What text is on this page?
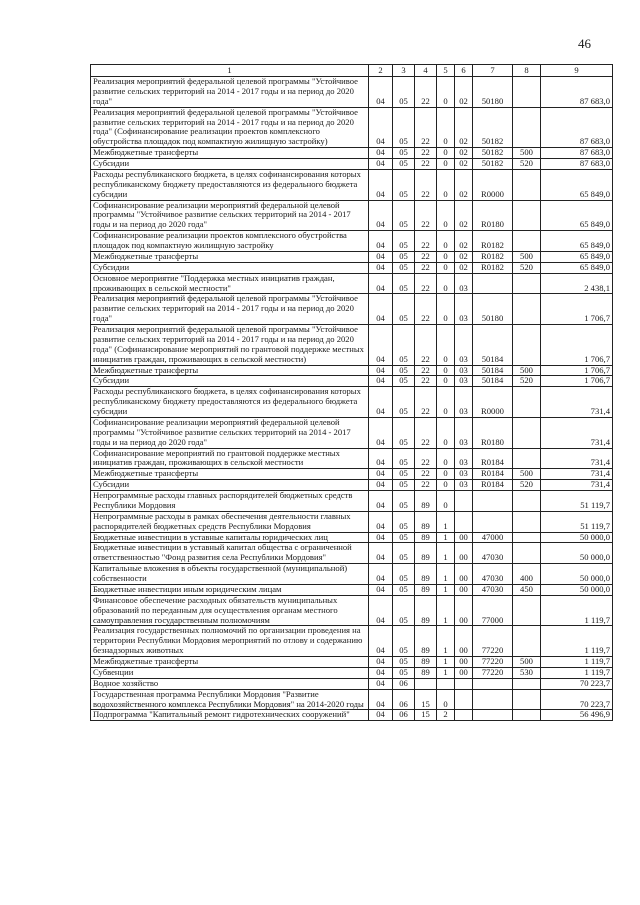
46
1	2	3	4	5	6	7	8	9
Реализация мероприятий федеральной целевой программы "Устойчивое развитие сельских территорий на 2014 - 2017 годы и на период до 2020 года"	04	05	22	0	02	50180		87 683,0
Реализация мероприятий федеральной целевой программы "Устойчивое развитие сельских территорий на 2014 - 2017 годы и на период до 2020 года" (Софинансирование реализации проектов комплексного обустройства площадок под компактную жилищную застройку)	04	05	22	0	02	50182		87 683,0
Межбюджетные трансферты	04	05	22	0	02	50182	500	87 683,0
Субсидии	04	05	22	0	02	50182	520	87 683,0
Расходы республиканского бюджета, в целях софинансирования которых республиканскому бюджету предоставляются из федерального бюджета субсидии	04	05	22	0	02	R0000		65 849,0
Софинансирование реализации мероприятий федеральной целевой программы "Устойчивое развитие сельских территорий на 2014 - 2017 годы и на период до 2020 года"	04	05	22	0	02	R0180		65 849,0
Софинансирование реализации проектов комплексного обустройства площадок под компактную жилищную застройку	04	05	22	0	02	R0182		65 849,0
Межбюджетные трансферты	04	05	22	0	02	R0182	500	65 849,0
Субсидии	04	05	22	0	02	R0182	520	65 849,0
Основное мероприятие "Поддержка местных инициатив граждан, проживающих в сельской местности"	04	05	22	0	03			2 438,1
Реализация мероприятий федеральной целевой программы "Устойчивое развитие сельских территорий на 2014 - 2017 годы и на период до 2020 года"	04	05	22	0	03	50180		1 706,7
Реализация мероприятий федеральной целевой программы "Устойчивое развитие сельских территорий на 2014 - 2017 годы и на период до 2020 года" (Софинансирование мероприятий по грантовой поддержке местных инициатив граждан, проживающих в сельской местности)	04	05	22	0	03	50184		1 706,7
Межбюджетные трансферты	04	05	22	0	03	50184	500	1 706,7
Субсидии	04	05	22	0	03	50184	520	1 706,7
Расходы республиканского бюджета, в целях софинансирования которых республиканскому бюджету предоставляются из федерального бюджета субсидии	04	05	22	0	03	R0000		731,4
Софинансирование реализации мероприятий федеральной целевой программы "Устойчивое развитие сельских территорий на 2014 - 2017 годы и на период до 2020 года"	04	05	22	0	03	R0180		731,4
Софинансирование мероприятий по грантовой поддержке местных инициатив граждан, проживающих в сельской местности	04	05	22	0	03	R0184		731,4
Межбюджетные трансферты	04	05	22	0	03	R0184	500	731,4
Субсидии	04	05	22	0	03	R0184	520	731,4
Непрограммные расходы главных распорядителей бюджетных средств Республики Мордовия	04	05	89	0				51 119,7
Непрограммные расходы в рамках обеспечения деятельности главных распорядителей бюджетных средств Республики Мордовия	04	05	89	1				51 119,7
Бюджетные инвестиции в уставные капиталы юридических лиц	04	05	89	1	00	47000		50 000,0
Бюджетные инвестиции в уставный капитал общества с ограниченной ответственностью "Фонд развития села Республики Мордовия"	04	05	89	1	00	47030		50 000,0
Капитальные вложения в объекты государственной (муниципальной) собственности	04	05	89	1	00	47030	400	50 000,0
Бюджетные инвестиции иным юридическим лицам	04	05	89	1	00	47030	450	50 000,0
Финансовое обеспечение расходных обязательств муниципальных образований по переданным для осуществления органам местного самоуправления государственным полномочиям	04	05	89	1	00	77000		1 119,7
Реализация государственных полномочий по организации проведения на территории Республики Мордовия мероприятий по отлову и содержанию безнадзорных животных	04	05	89	1	00	77220		1 119,7
Межбюджетные трансферты	04	05	89	1	00	77220	500	1 119,7
Субвенции	04	05	89	1	00	77220	530	1 119,7
Водное хозяйство	04	06						70 223,7
Государственная программа Республики Мордовия "Развитие водохозяйственного комплекса Республики Мордовия" на 2014-2020 годы	04	06	15	0				70 223,7
Подпрограмма "Капитальный ремонт гидротехнических сооружений"	04	06	15	2				56 496,9
